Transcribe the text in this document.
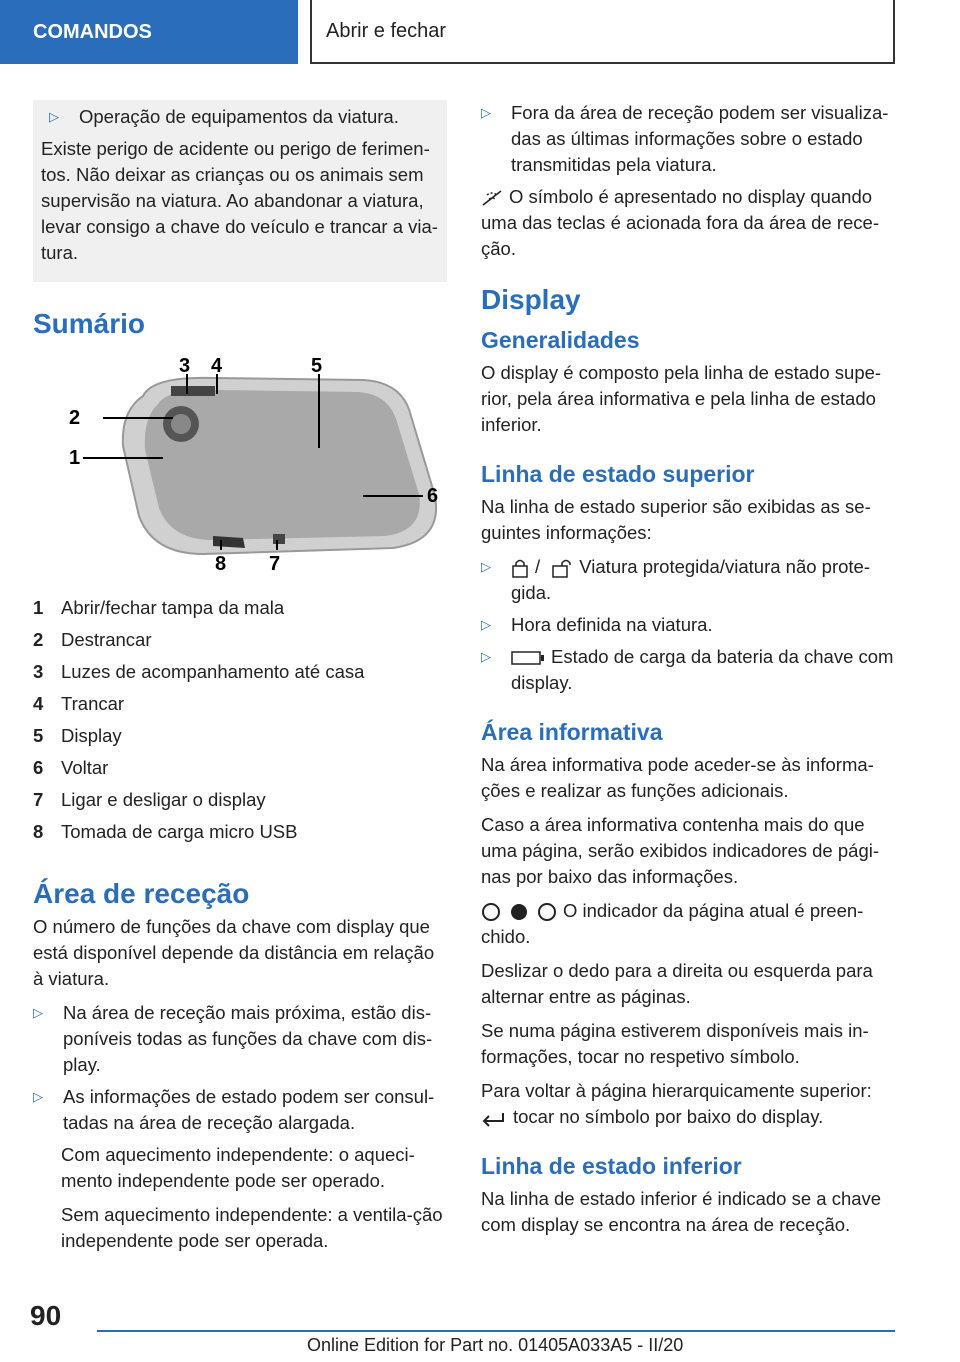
COMANDOS	Abrir e fechar
▷	Operação de equipamentos da viatura.

Existe perigo de acidente ou perigo de ferimen-tos. Não deixar as crianças ou os animais sem supervisão na viatura. Ao abandonar a viatura, levar consigo a chave do veículo e trancar a via-tura.

Sumário
1
2
3 4	5
6
7
8
1 Abrir/fechar tampa da mala
2 Destrancar
3 Luzes de acompanhamento até casa
4 Trancar
5 Display
6 Voltar
7 Ligar e desligar o display
8 Tomada de carga micro USB
Área de receção

O número de funções da chave com display que está disponível depende da distância em relação à viatura.

▷	Na área de receção mais próxima, estão dis-poníveis todas as funções da chave com dis-play.
▷	As informações de estado podem ser consul-tadas na área de receção alargada.

Com aquecimento independente: o aqueci-mento independente pode ser operado.

Sem aquecimento independente: a ventila-ção independente pode ser operada.

▷	Fora da área de receção podem ser visualiza-das as últimas informações sobre o estado transmitidas pela viatura.

O símbolo é apresentado no display quando uma das teclas é acionada fora da área de rece-ção.

Display
Generalidades

O display é composto pela linha de estado supe-rior, pela área informativa e pela linha de estado inferior.

Linha de estado superior

Na linha de estado superior são exibidas as se-guintes informações:

▷	/ Viatura protegida/viatura não prote-gida.
▷	Hora definida na viatura.
▷	Estado de carga da bateria da chave com display.
Área informativa

Na área informativa pode aceder-se às informa-ções e realizar as funções adicionais.

Caso a área informativa contenha mais do que uma página, serão exibidos indicadores de pági-nas por baixo das informações.

O indicador da página atual é preen-chido.

Deslizar o dedo para a direita ou esquerda para alternar entre as páginas.

Se numa página estiverem disponíveis mais in-formações, tocar no respetivo símbolo.

Para voltar à página hierarquicamente superior:

tocar no símbolo por baixo do display.

Linha de estado inferior

Na linha de estado inferior é indicado se a chave com display se encontra na área de receção.

90
Online Edition for Part no. 01405A033A5 - II/20
